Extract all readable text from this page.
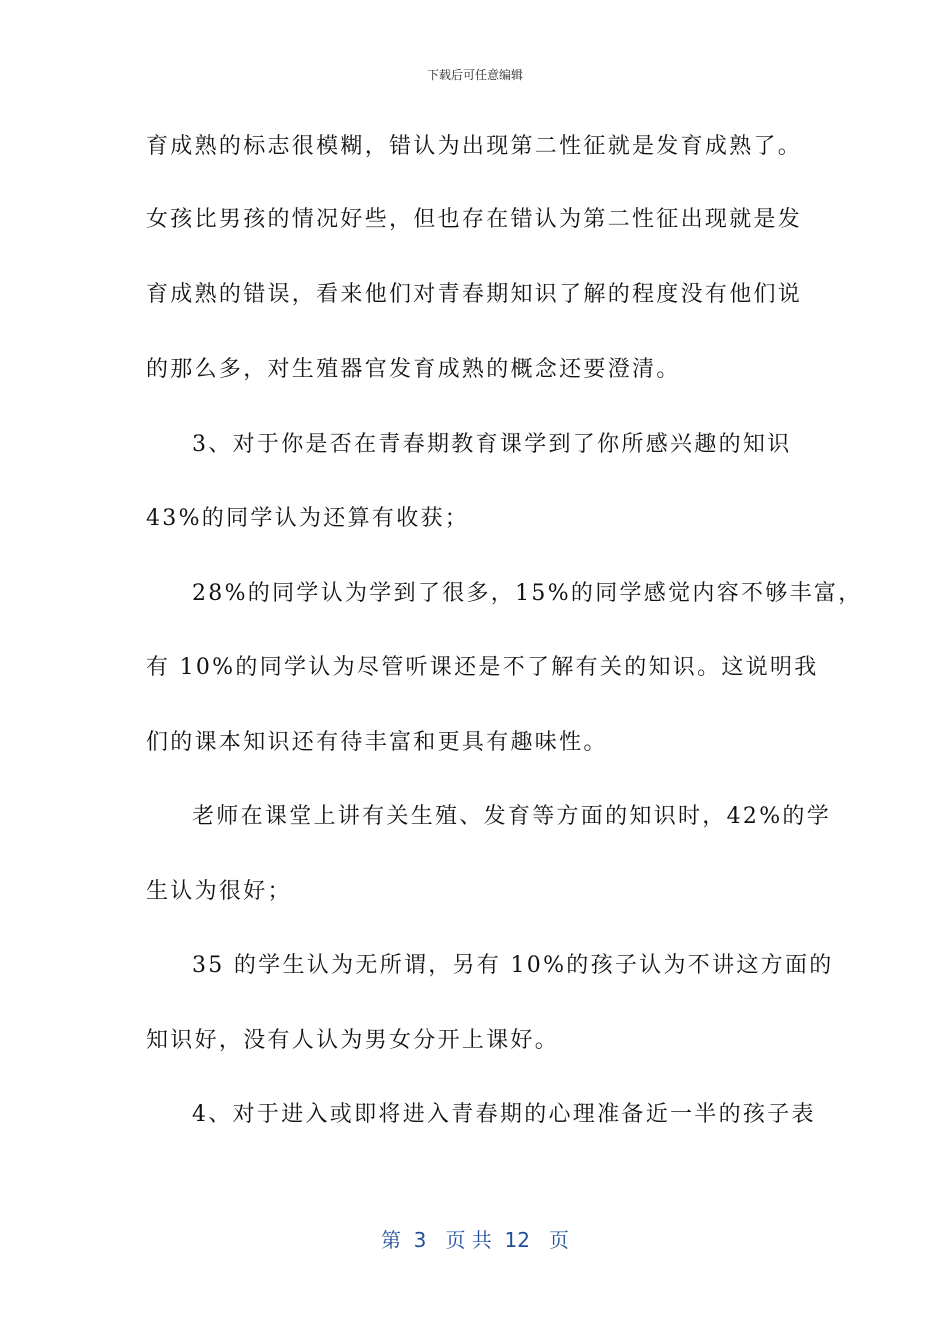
下载后可任意编辑
育成熟的标志很模糊，错认为出现第二性征就是发育成熟了。
女孩比男孩的情况好些，但也存在错认为第二性征出现就是发
育成熟的错误，看来他们对青春期知识了解的程度没有他们说
的那么多，对生殖器官发育成熟的概念还要澄清。
3、对于你是否在青春期教育课学到了你所感兴趣的知识
43%的同学认为还算有收获；
28%的同学认为学到了很多，15%的同学感觉内容不够丰富，
有 10%的同学认为尽管听课还是不了解有关的知识。这说明我
们的课本知识还有待丰富和更具有趣味性。
老师在课堂上讲有关生殖、发育等方面的知识时，42%的学
生认为很好；
35 的学生认为无所谓，另有 10%的孩子认为不讲这方面的
知识好，没有人认为男女分开上课好。
4、对于进入或即将进入青春期的心理准备近一半的孩子表
第  3   页 共  12   页
